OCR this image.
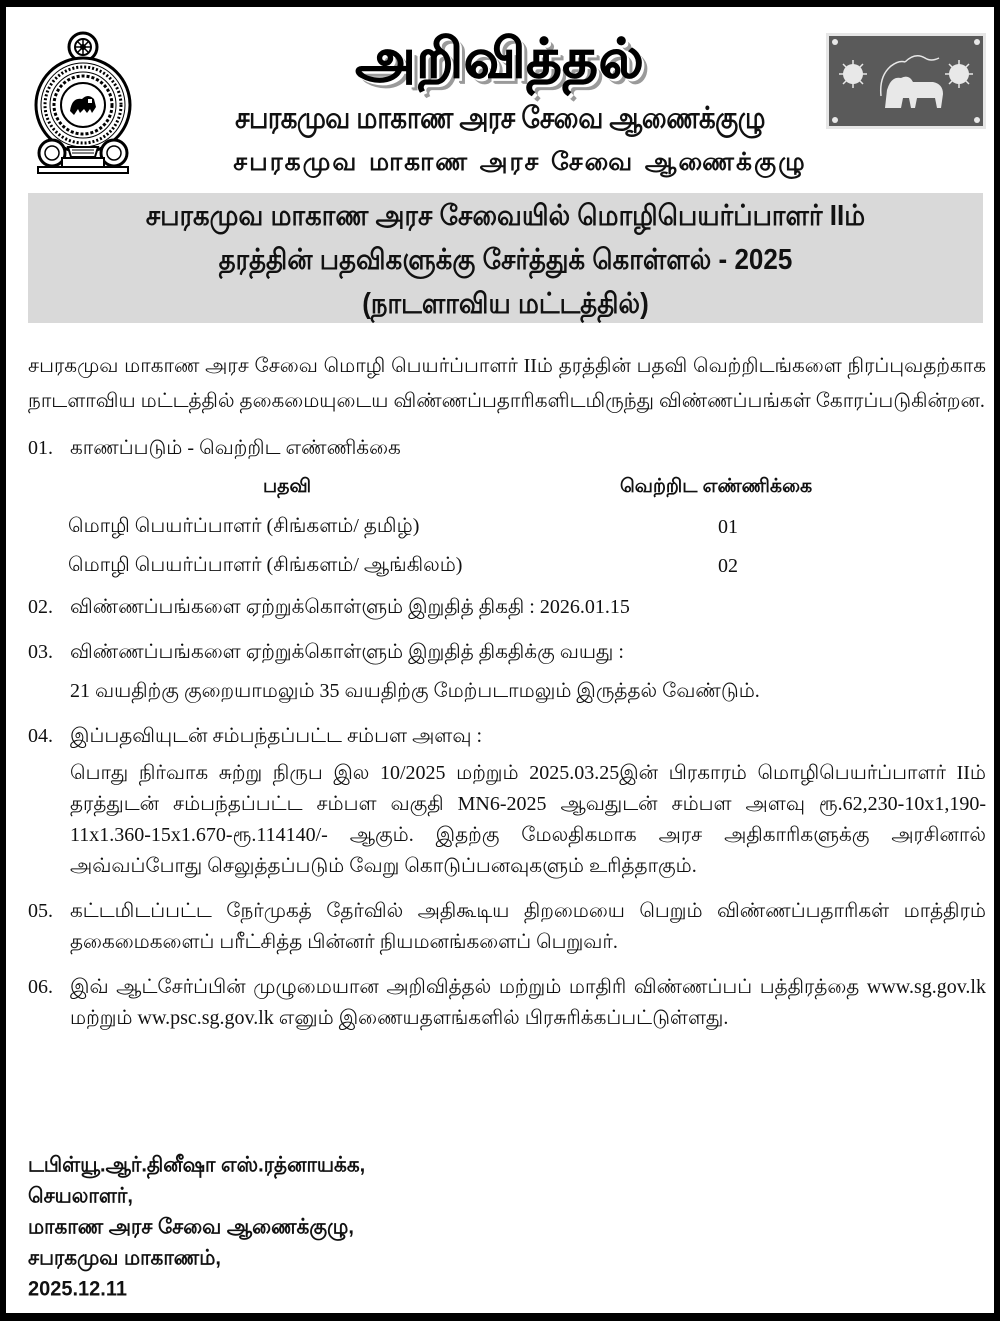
அறிவித்தல்
சபரகமுவ மாகாண அரச சேவை ஆணைக்குழு
சபரகமுவ மாகாண அரச சேவை ஆணைக்குழு
சபரகமுவ மாகாண அரச சேவையில் மொழிபெயர்ப்பாளர் IIம்
தரத்தின் பதவிகளுக்கு சேர்த்துக் கொள்ளல் - 2025
(நாடளாவிய மட்டத்தில்)

சபரகமுவ மாகாண அரச சேவை மொழி பெயர்ப்பாளர் IIம் தரத்தின் பதவி வெற்றிடங்களை நிரப்புவதற்காக நாடளாவிய மட்டத்தில் தகைமையுடைய விண்ணப்பதாரிகளிடமிருந்து விண்ணப்பங்கள் கோரப்படுகின்றன.

01. காணப்படும் - வெற்றிட எண்ணிக்கை
பதவி	வெற்றிட எண்ணிக்கை
மொழி பெயர்ப்பாளர் (சிங்களம்/ தமிழ்)	01
மொழி பெயர்ப்பாளர் (சிங்களம்/ ஆங்கிலம்)	02
02. விண்ணப்பங்களை ஏற்றுக்கொள்ளும் இறுதித் திகதி : 2026.01.15
03. விண்ணப்பங்களை ஏற்றுக்கொள்ளும் இறுதித் திகதிக்கு வயது :
21 வயதிற்கு குறையாமலும் 35 வயதிற்கு மேற்படாமலும் இருத்தல் வேண்டும்.
04. இப்பதவியுடன் சம்பந்தப்பட்ட சம்பள அளவு :
பொது நிர்வாக சுற்று நிருப இல 10/2025 மற்றும் 2025.03.25இன் பிரகாரம் மொழிபெயர்ப்பாளர் IIம் தரத்துடன் சம்பந்தப்பட்ட சம்பள வகுதி MN6-2025 ஆவதுடன் சம்பள அளவு ரூ.62,230-10x1,190-11x1.360-15x1.670-ரூ.114140/- ஆகும். இதற்கு மேலதிகமாக அரச அதிகாரிகளுக்கு அரசினால் அவ்வப்போது செலுத்தப்படும் வேறு கொடுப்பனவுகளும் உரித்தாகும்.
05. கட்டமிடப்பட்ட நேர்முகத் தேர்வில் அதிகூடிய திறமையை பெறும் விண்ணப்பதாரிகள் மாத்திரம் தகைமைகளைப் பரீட்சித்த பின்னர் நியமனங்களைப் பெறுவர்.
06. இவ் ஆட்சேர்ப்பின் முழுமையான அறிவித்தல் மற்றும் மாதிரி விண்ணப்பப் பத்திரத்தை www.sg.gov.lk மற்றும் ww.psc.sg.gov.lk எனும் இணையதளங்களில் பிரசுரிக்கப்பட்டுள்ளது.
டபிள்யூ.ஆர்.தினீஷா எஸ்.ரத்னாயக்க,
செயலாளர்,
மாகாண அரச சேவை ஆணைக்குழு,
சபரகமுவ மாகாணம்,
2025.12.11
